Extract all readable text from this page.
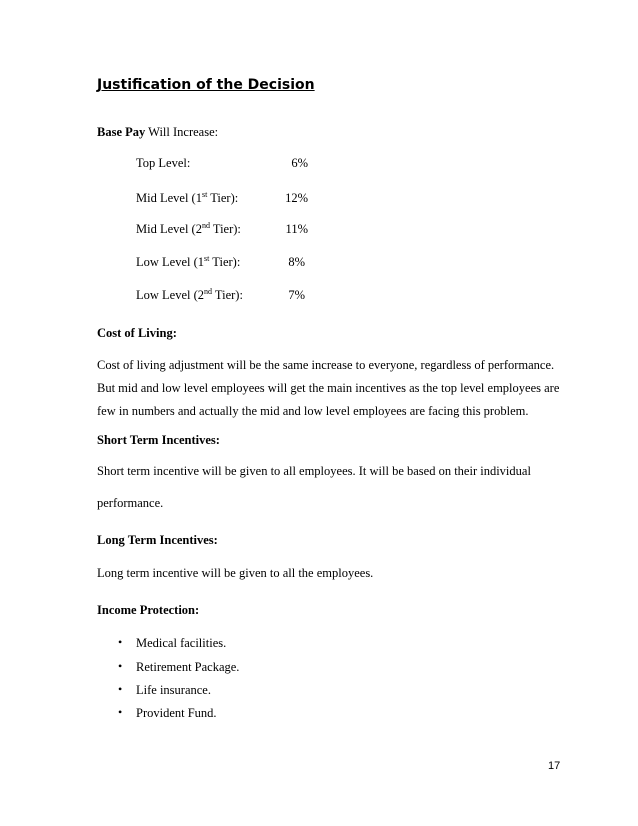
Justification of the Decision
Base Pay Will Increase:
Top Level:	6%
Mid Level (1st Tier):	12%
Mid Level (2nd Tier):	11%
Low Level (1st Tier):	8%
Low Level (2nd Tier):	7%
Cost of Living:
Cost of living adjustment will be the same increase to everyone, regardless of performance.
But mid and low level employees will get the main incentives as the top level employees are
few in numbers and actually the mid and low level employees are facing this problem.
Short Term Incentives:
Short term incentive will be given to all employees. It will be based on their individual
performance.
Long Term Incentives:
Long term incentive will be given to all the employees.
Income Protection:
• Medical facilities.
• Retirement Package.
• Life insurance.
• Provident Fund.
17
